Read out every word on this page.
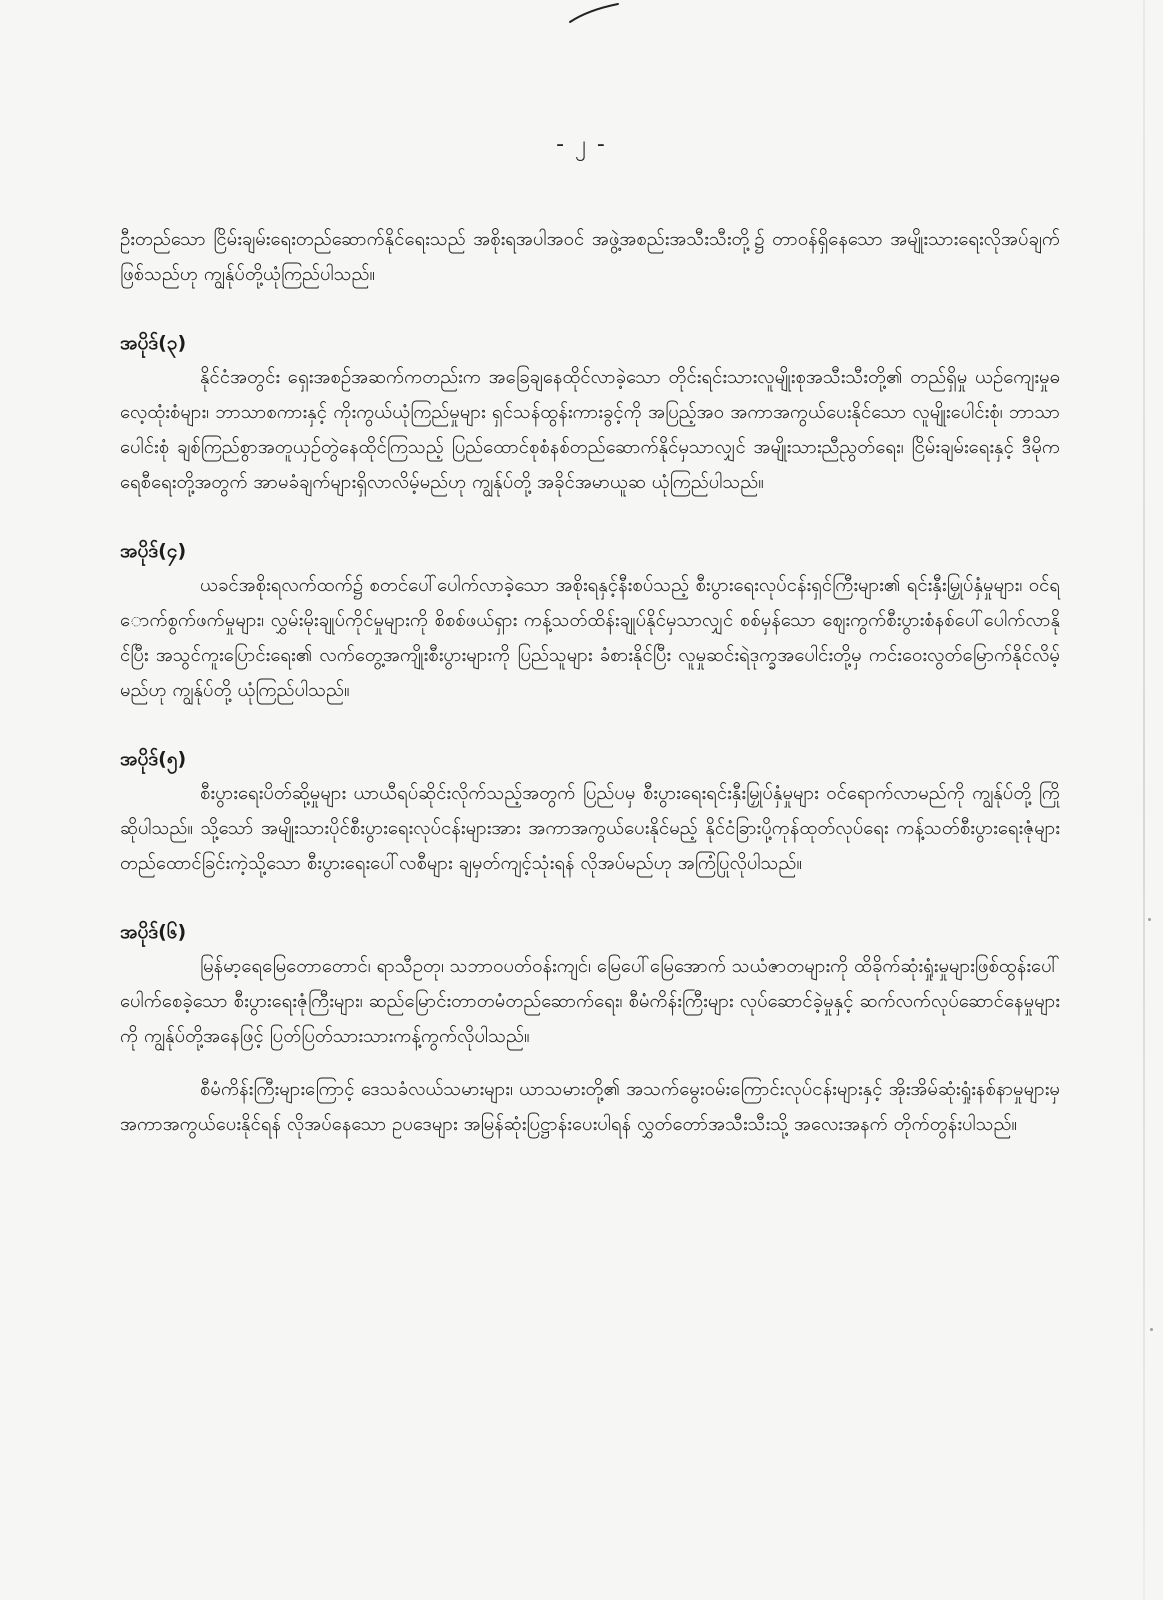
- ၂ -

ဦးတည်သော ငြိမ်းချမ်းရေးတည်ဆောက်နိုင်ရေးသည် အစိုးရအပါအဝင် အဖွဲ့အစည်းအသီးသီးတို့၌ တာဝန်ရှိနေသော အမျိုးသားရေးလိုအပ်ချက်ဖြစ်သည်ဟု ကျွန်ုပ်တို့ယုံကြည်ပါသည်။

အပိုဒ်(၃)

နိုင်ငံအတွင်း ရှေးအစဉ်အဆက်ကတည်းက အခြေချနေထိုင်လာခဲ့သော တိုင်းရင်းသားလူမျိုးစုအသီးသီးတို့၏ တည်ရှိမှု ယဉ်ကျေးမှုဓလေ့ထုံးစံများ၊ ဘာသာစကားနှင့် ကိုးကွယ်ယုံကြည်မှုများ ရှင်သန်ထွန်းကားခွင့်ကို အပြည့်အဝ အကာအကွယ်ပေးနိုင်သော လူမျိုးပေါင်းစုံ၊ ဘာသာပေါင်းစုံ ချစ်ကြည်စွာအတူယှဉ်တွဲနေထိုင်ကြသည့် ပြည်ထောင်စုစံနစ်တည်ဆောက်နိုင်မှသာလျှင် အမျိုးသားညီညွတ်ရေး၊ ငြိမ်းချမ်းရေးနှင့် ဒီမိုကရေစီရေးတို့အတွက် အာမခံချက်များရှိလာလိမ့်မည်ဟု ကျွန်ုပ်တို့ အခိုင်အမာယူဆ ယုံကြည်ပါသည်။

အပိုဒ်(၄)

ယခင်အစိုးရလက်ထက်၌ စတင်ပေါ်ပေါက်လာခဲ့သော အစိုးရနှင့်နီးစပ်သည့် စီးပွားရေးလုပ်ငန်းရှင်ကြီးများ၏ ရင်းနှီးမြှုပ်နှံမှုများ၊ ဝင်ရောက်စွက်ဖက်မှုများ၊ လွှမ်းမိုးချုပ်ကိုင်မှုများကို စိစစ်ဖယ်ရှား ကန့်သတ်ထိန်းချုပ်နိုင်မှသာလျှင် စစ်မှန်သော ဈေးကွက်စီးပွားစံနစ်ပေါ်ပေါက်လာနိုင်ပြီး အသွင်ကူးပြောင်းရေး၏ လက်တွေ့အကျိုးစီးပွားများကို ပြည်သူများ ခံစားနိုင်ပြီး လူမှုဆင်းရဲဒုက္ခအပေါင်းတို့မှ ကင်းဝေးလွတ်မြောက်နိုင်လိမ့်မည်ဟု ကျွန်ုပ်တို့ ယုံကြည်ပါသည်။

အပိုဒ်(၅)

စီးပွားရေးပိတ်ဆို့မှုများ ယာယီရပ်ဆိုင်းလိုက်သည့်အတွက် ပြည်ပမှ စီးပွားရေးရင်းနှီးမြှုပ်နှံမှုများ ဝင်ရောက်လာမည်ကို ကျွန်ုပ်တို့ ကြိုဆိုပါသည်။ သို့သော် အမျိုးသားပိုင်စီးပွားရေးလုပ်ငန်းများအား အကာအကွယ်ပေးနိုင်မည့် နိုင်ငံခြားပို့ကုန်ထုတ်လုပ်ရေး ကန့်သတ်စီးပွားရေးဇုံများ တည်ထောင်ခြင်းကဲ့သို့သော စီးပွားရေးပေါ်လစီများ ချမှတ်ကျင့်သုံးရန် လိုအပ်မည်ဟု အကြံပြုလိုပါသည်။

အပိုဒ်(၆)

မြန်မာ့ရေမြေတောတောင်၊ ရာသီဥတု၊ သဘာဝပတ်ဝန်းကျင်၊ မြေပေါ်မြေအောက် သယံဇာတများကို ထိခိုက်ဆုံးရှုံးမှုများဖြစ်ထွန်းပေါ်ပေါက်စေခဲ့သော စီးပွားရေးဇုံကြီးများ၊ ဆည်မြောင်းတာတမံတည်ဆောက်ရေး၊ စီမံကိန်းကြီးများ လုပ်ဆောင်ခဲ့မှုနှင့် ဆက်လက်လုပ်ဆောင်နေမှုများကို ကျွန်ုပ်တို့အနေဖြင့် ပြတ်ပြတ်သားသားကန့်ကွက်လိုပါသည်။

စီမံကိန်းကြီးများကြောင့် ဒေသခံလယ်သမားများ၊ ယာသမားတို့၏ အသက်မွေးဝမ်းကြောင်းလုပ်ငန်းများနှင့် အိုးအိမ်ဆုံးရှုံးနစ်နာမှုများမှ အကာအကွယ်ပေးနိုင်ရန် လိုအပ်နေသော ဥပဒေများ အမြန်ဆုံးပြဋ္ဌာန်းပေးပါရန် လွှတ်တော်အသီးသီးသို့ အလေးအနက် တိုက်တွန်းပါသည်။
